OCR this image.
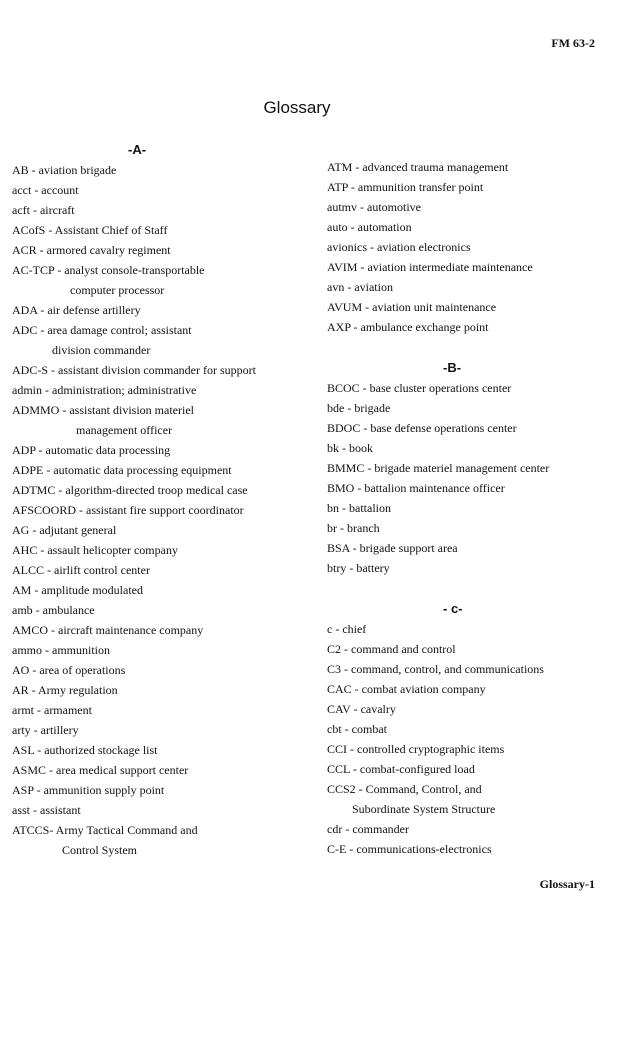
FM 63-2
Glossary
-A-
AB - aviation brigade
acct - account
acft - aircraft
ACofS - Assistant Chief of Staff
ACR - armored cavalry regiment
AC-TCP - analyst console-transportable
computer processor
ADA - air defense artillery
ADC - area damage control; assistant
division commander
ADC-S - assistant division commander for support
admin - administration; administrative
ADMMO - assistant division materiel
management officer
ADP - automatic data processing
ADPE - automatic data processing equipment
ADTMC - algorithm-directed troop medical case
AFSCOORD - assistant fire support coordinator
AG - adjutant general
AHC - assault helicopter company
ALCC - airlift control center
AM - amplitude modulated
amb - ambulance
AMCO - aircraft maintenance company
ammo - ammunition
AO - area of operations
AR - Army regulation
armt - armament
arty - artillery
ASL - authorized stockage list
ASMC - area medical support center
ASP - ammunition supply point
asst - assistant
ATCCS- Army Tactical Command and
Control System
ATM - advanced trauma management
ATP - ammunition transfer point
autmv - automotive
auto - automation
avionics - aviation electronics
AVIM - aviation intermediate maintenance
avn - aviation
AVUM - aviation unit maintenance
AXP - ambulance exchange point
-B-
BCOC - base cluster operations center
bde - brigade
BDOC - base defense operations center
bk - book
BMMC - brigade materiel management center
BMO - battalion maintenance officer
bn - battalion
br - branch
BSA - brigade support area
btry - battery
- c-
c - chief
C2 - command and control
C3 - command, control, and communications
CAC - combat aviation company
CAV - cavalry
cbt - combat
CCI - controlled cryptographic items
CCL - combat-configured load
CCS2 - Command, Control, and
Subordinate System Structure
cdr - commander
C-E - communications-electronics
Glossary-1
